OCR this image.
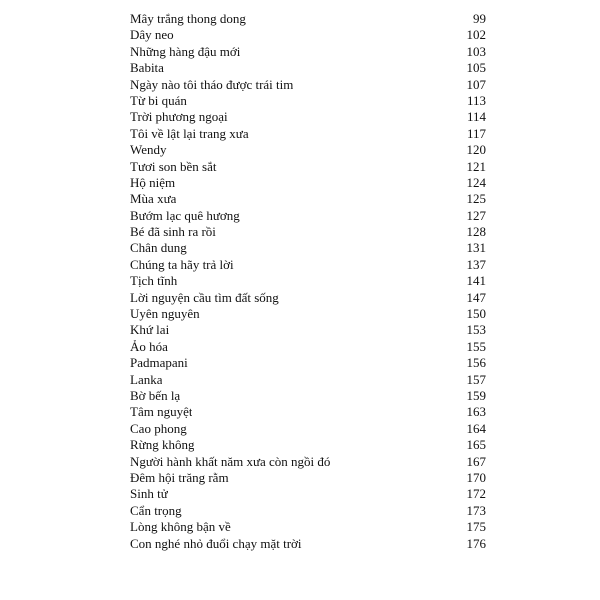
Mây trắng thong dong	99
Dây neo	102
Những hàng đậu mới	103
Babita	105
Ngày nào tôi tháo được trái tim	107
Từ bi quán	113
Trời phương ngoại	114
Tôi về lật lại trang xưa	117
Wendy	120
Tươi son bền sắt	121
Hộ niệm	124
Mùa xưa	125
Bướm lạc quê hương	127
Bé đã sinh ra rồi	128
Chân dung	131
Chúng ta hãy trả lời	137
Tịch tĩnh	141
Lời nguyện cầu tìm đất sống	147
Uyên nguyên	150
Khứ lai	153
Ảo hóa	155
Padmapani	156
Lanka	157
Bờ bến lạ	159
Tâm nguyệt	163
Cao phong	164
Rừng không	165
Người hành khất năm xưa còn ngồi đó	167
Đêm hội trăng rằm	170
Sinh tử	172
Cẩn trọng	173
Lòng không bận về	175
Con nghé nhỏ đuổi chạy mặt trời	176
